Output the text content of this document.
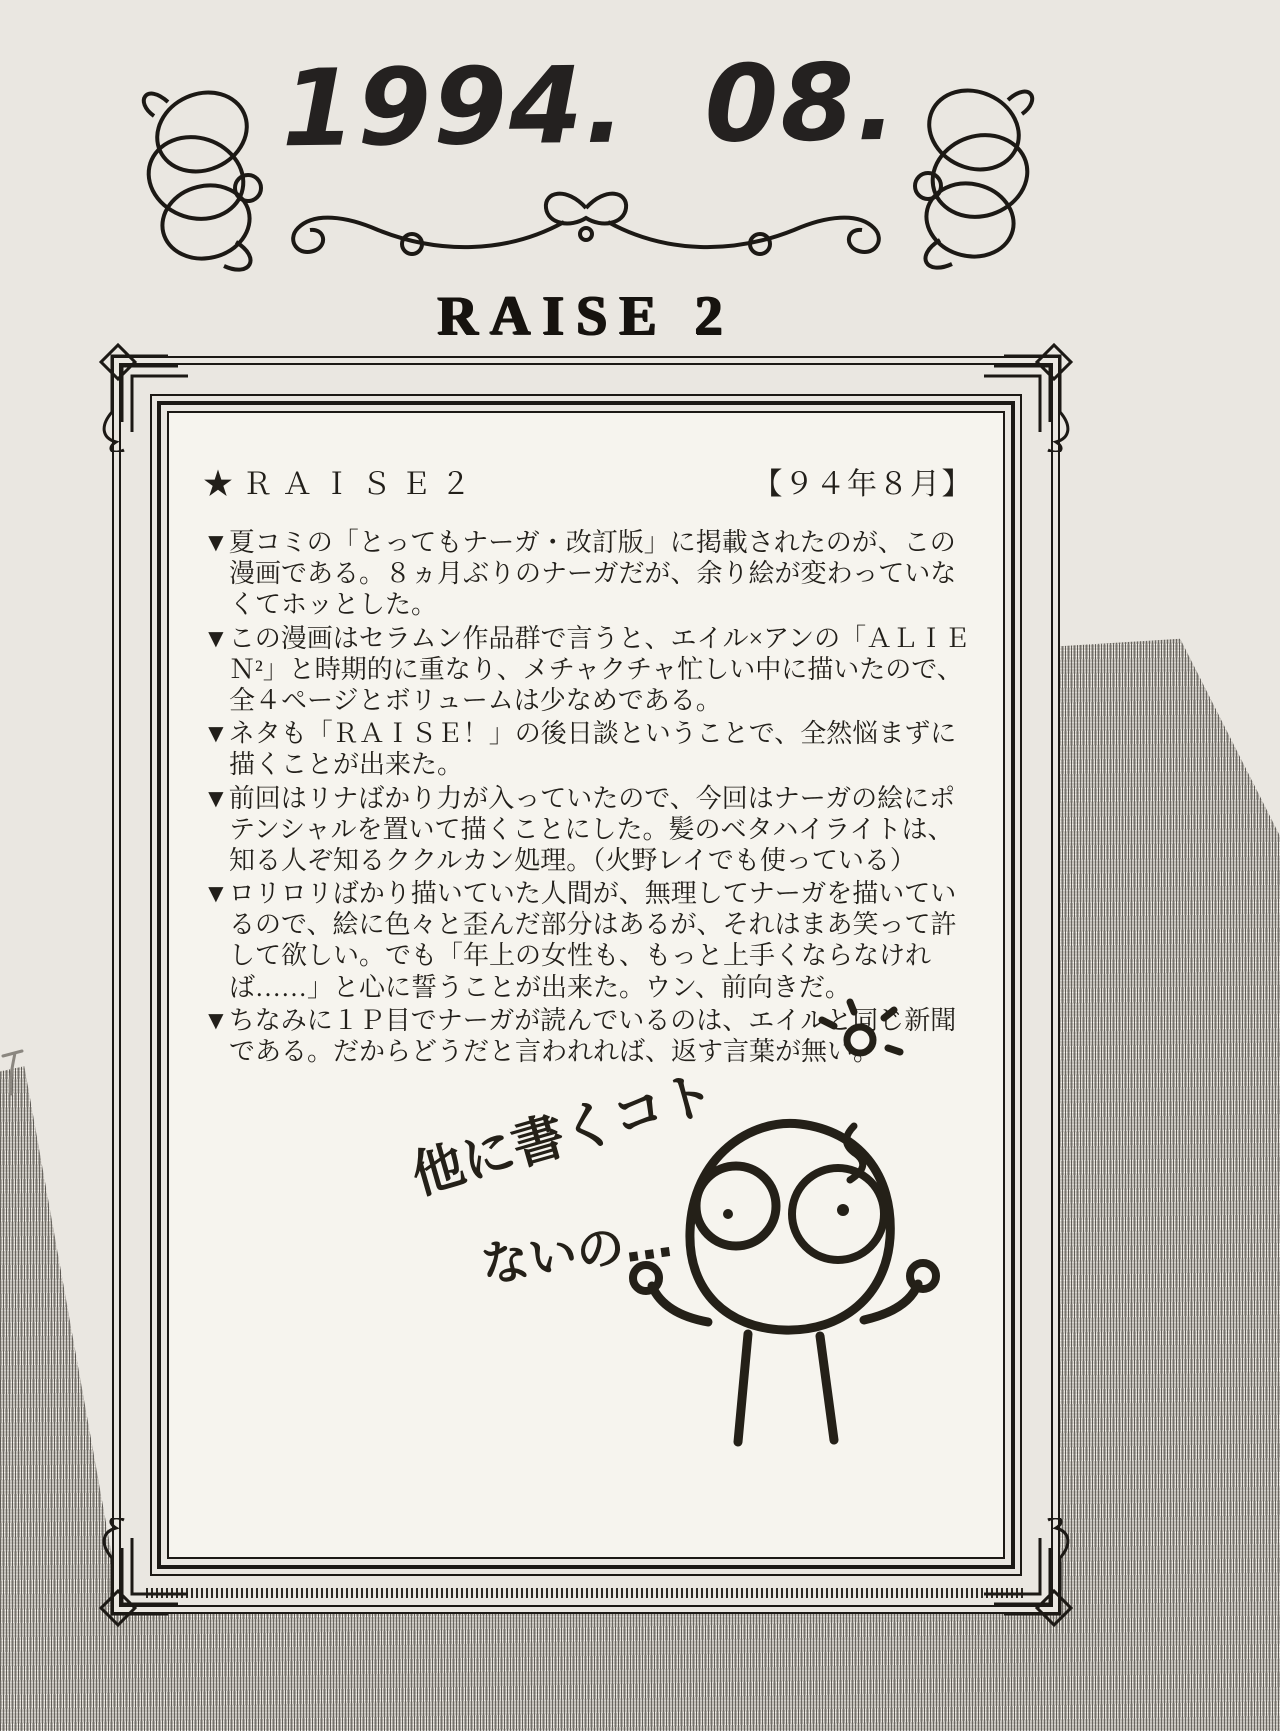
1994.  08.
RAISE 2
★ＲＡＩＳＥ２	【９４年８月】
▼夏コミの「とってもナーガ・改訂版」に掲載されたのが、この漫画である。８ヵ月ぶりのナーガだが、余り絵が変わっていなくてホッとした。
▼この漫画はセラムン作品群で言うと、エイル×アンの「ＡＬＩＥＮ²」と時期的に重なり、メチャクチャ忙しい中に描いたので、全４ページとボリュームは少なめである。
▼ネタも「ＲＡＩＳＥ！」の後日談ということで、全然悩まずに描くことが出来た。
▼前回はリナばかり力が入っていたので、今回はナーガの絵にポテンシャルを置いて描くことにした。髪のベタハイライトは、知る人ぞ知るククルカン処理。（火野レイでも使っている）
▼ロリロリばかり描いていた人間が、無理してナーガを描いているので、絵に色々と歪んだ部分はあるが、それはまあ笑って許して欲しい。でも「年上の女性も、もっと上手くならなければ……」と心に誓うことが出来た。ウン、前向きだ。
▼ちなみに１Ｐ目でナーガが読んでいるのは、エイルと同じ新聞である。だからどうだと言われれば、返す言葉が無い。
他に書くコト
ないの…
